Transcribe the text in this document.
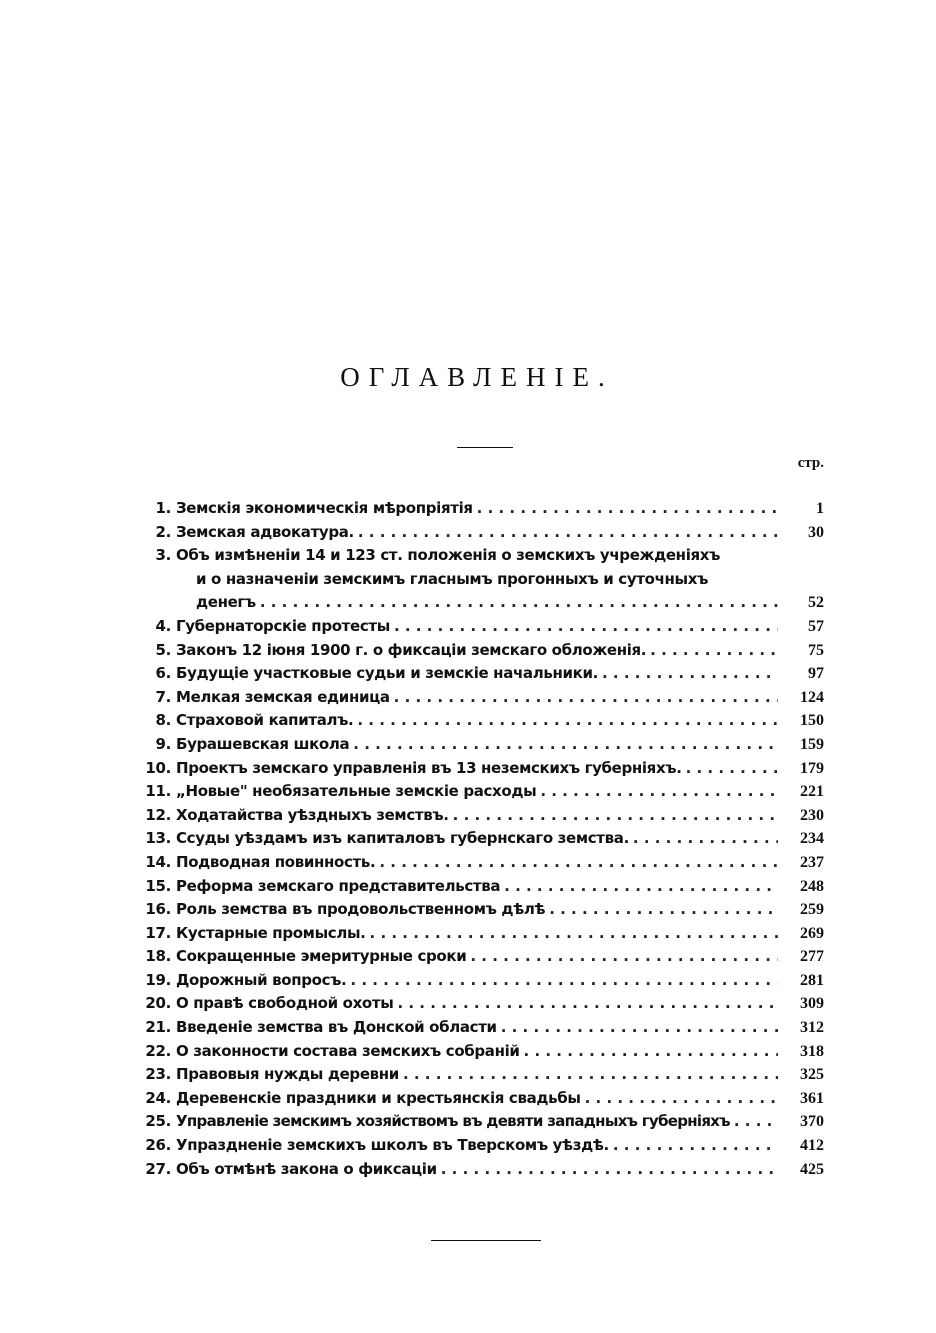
ОГЛАВЛЕНIЕ.
стр.
1. Земскiя экономическiя мѣропрiятiя . . .	1
2. Земская адвокатура. . . .	30
3. Объ измѣненiи 14 и 123 ст. положенiя о земскихъ учрежденiяхъ
и о назначенiи земскимъ гласнымъ прогонныхъ и суточныхъ
денегъ . . .	52
4. Губернаторскiе протесты . . .	57
5. Законъ 12 iюня 1900 г. о фиксацiи земскаго обложенiя. . . .	75
6. Будущiе участковые судьи и земскiе начальники. . . .	97
7. Мелкая земская единица . . .	124
8. Страховой капиталъ. . . .	150
9. Бурашевская школа . . .	159
10. Проектъ земскаго управленiя въ 13 неземскихъ губернiяхъ. . . .	179
11. „Новые" необязательные земскiе расходы . . .	221
12. Ходатайства уѣздныхъ земствъ. . . .	230
13. Ссуды уѣздамъ изъ капиталовъ губернскаго земства. . . .	234
14. Подводная повинность. . . .	237
15. Реформа земскаго представительства . . .	248
16. Роль земства въ продовольственномъ дѣлѣ . . .	259
17. Кустарные промыслы. . . .	269
18. Сокращенные эмеритурные сроки . . .	277
19. Дорожный вопросъ. . . .	281
20. О правѣ свободной охоты . . .	309
21. Введенiе земства въ Донской области . . .	312
22. О законности состава земскихъ собранiй . . .	318
23. Правовыя нужды деревни . . .	325
24. Деревенскiе праздники и крестьянскiя свадьбы . . .	361
25. Управленiе земскимъ хозяйствомъ въ девяти западныхъ губернiяхъ . . .	370
26. Упразднeнiе земскихъ школъ въ Тверскомъ уѣздѣ. . . .	412
27. Объ отмѣнѣ закона о фиксацiи . . .	425
